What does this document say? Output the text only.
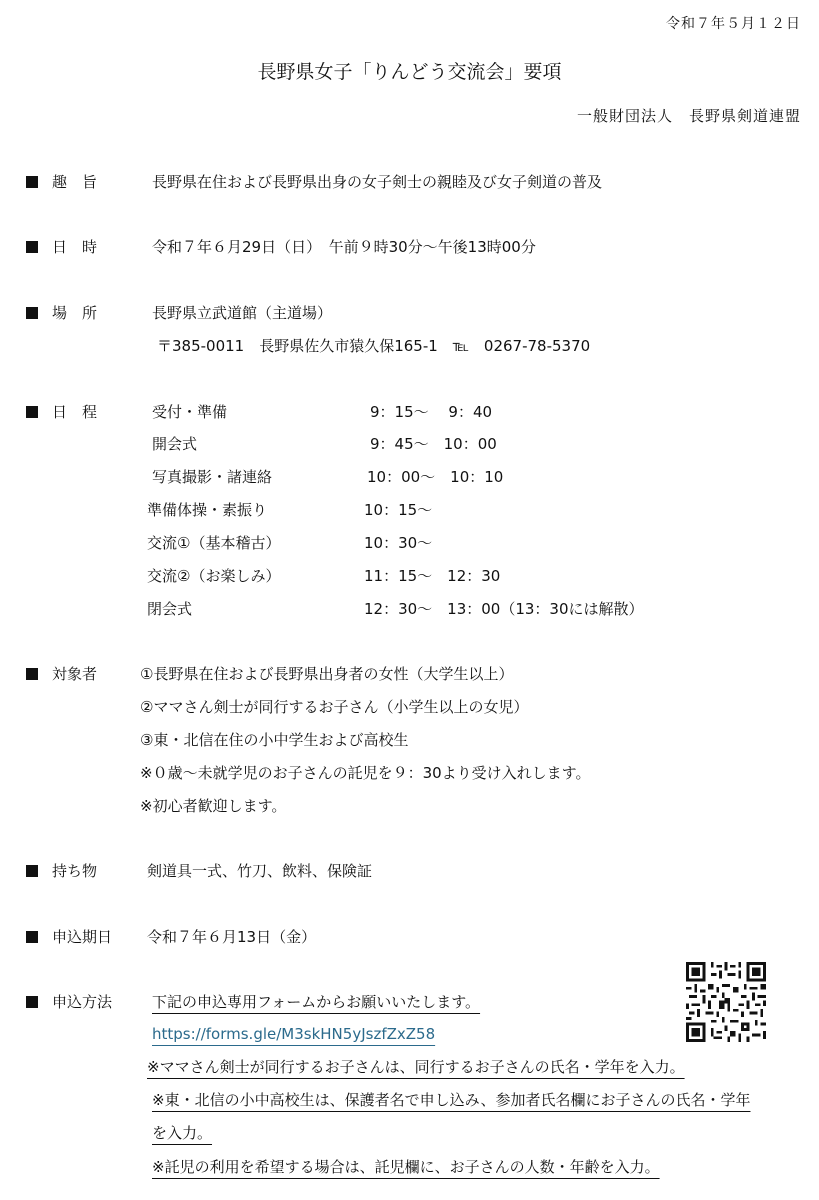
令和７年５月１２日
長野県女子「りんどう交流会」要項
一般財団法人　長野県剣道連盟
趣　旨	長野県在住および長野県出身の女子剣士の親睦及び女子剣道の普及
日　時	令和７年６月29日（日）　午前９時30分〜午後13時00分
場　所	長野県立武道館（主道場）
〒385-0011　長野県佐久市猿久保165-1　℡　0267-78-5370
日　程	受付・準備	9：15〜　 9：40
開会式	9：45〜　10：00
写真撮影・諸連絡	10：00〜　10：10
準備体操・素振り	10：15〜
交流①（基本稽古）	10：30〜
交流②（お楽しみ）	11：15〜　12：30
閉会式	12：30〜　13：00（13：30には解散）
対象者	①長野県在住および長野県出身者の女性（大学生以上）
②ママさん剣士が同行するお子さん（小学生以上の女児）
③東・北信在住の小中学生および高校生
※０歳〜未就学児のお子さんの託児を９：30より受け入れします。
※初心者歓迎します。
持ち物	剣道具一式、竹刀、飲料、保険証
申込期日 令和７年６月13日（金）
申込方法	下記の申込専用フォームからお願いいたします。
https://forms.gle/M3skHN5yJszfZxZ58
※ママさん剣士が同行するお子さんは、同行するお子さんの氏名・学年を入力。
※東・北信の小中高校生は、保護者名で申し込み、参加者氏名欄にお子さんの氏名・学年
を入力。
※託児の利用を希望する場合は、託児欄に、お子さんの人数・年齢を入力。
